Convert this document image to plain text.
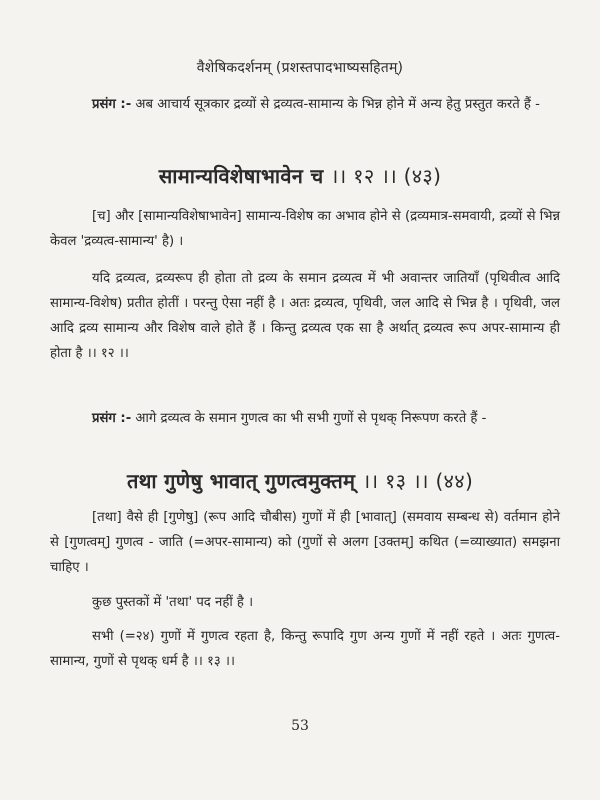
वैशेषिकदर्शनम् (प्रशस्तपादभाष्यसहितम्)
प्रसंग :- अब आचार्य सूत्रकार द्रव्यों से द्रव्यत्व-सामान्य के भिन्न होने में अन्य हेतु प्रस्तुत करते हैं -
सामान्यविशेषाभावेन च ।। १२ ।। (४३)
[च] और [सामान्यविशेषाभावेन] सामान्य-विशेष का अभाव होने से (द्रव्यमात्र-समवायी, द्रव्यों से भिन्न केवल 'द्रव्यत्व-सामान्य' है) ।
यदि द्रव्यत्व, द्रव्यरूप ही होता तो द्रव्य के समान द्रव्यत्व में भी अवान्तर जातियाँ (पृथिवीत्व आदि सामान्य-विशेष) प्रतीत होतीं । परन्तु ऐसा नहीं है । अतः द्रव्यत्व, पृथिवी, जल आदि से भिन्न है । पृथिवी, जल आदि द्रव्य सामान्य और विशेष वाले होते हैं । किन्तु द्रव्यत्व एक सा है अर्थात् द्रव्यत्व रूप अपर-सामान्य ही होता है ।। १२ ।।
प्रसंग :- आगे द्रव्यत्व के समान गुणत्व का भी सभी गुणों से पृथक् निरूपण करते हैं -
तथा गुणेषु भावात् गुणत्वमुक्तम् ।। १३ ।। (४४)
[तथा] वैसे ही [गुणेषु] (रूप आदि चौबीस) गुणों में ही [भावात्] (समवाय सम्बन्ध से) वर्तमान होने से [गुणत्वम्] गुणत्व - जाति (=अपर-सामान्य) को (गुणों से अलग [उक्तम्] कथित (=व्याख्यात) समझना चाहिए ।
कुछ पुस्तकों में 'तथा' पद नहीं है ।
सभी (=२४) गुणों में गुणत्व रहता है, किन्तु रूपादि गुण अन्य गुणों में नहीं रहते । अतः गुणत्व-सामान्य, गुणों से पृथक् धर्म है ।। १३ ।।
53
